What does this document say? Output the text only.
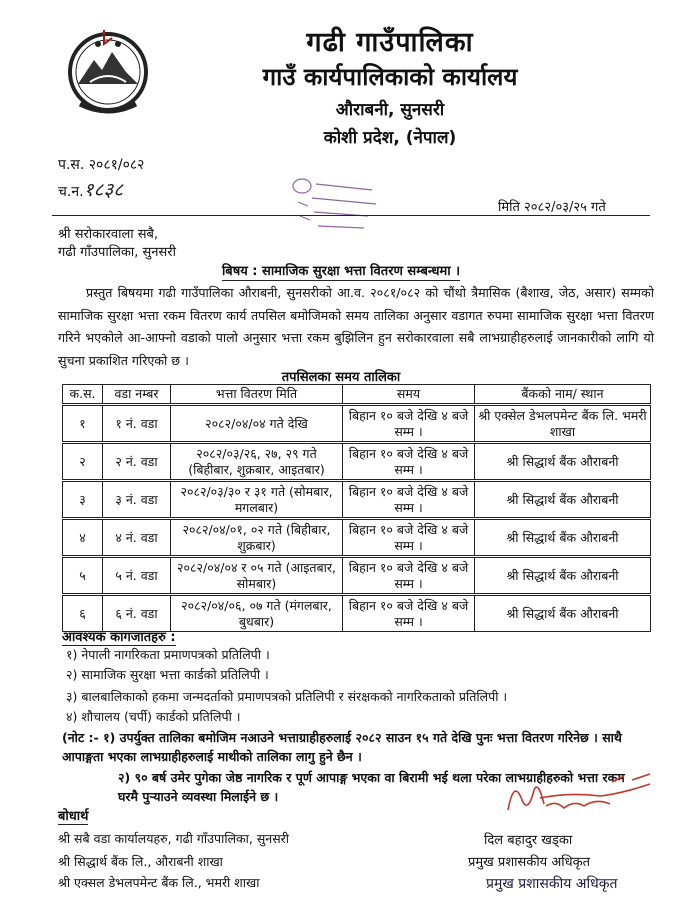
गढी गाउँपालिका
गाउँ कार्यपालिकाको कार्यालय
औराबनी, सुनसरी
कोशी प्रदेश, (नेपाल)
प.स. २०८१/०८२
च.न.१८३८
मिति २०८२/०३/२५ गते
श्री सरोकारवाला सबै,
गढी गाँउपालिका, सुनसरी
बिषय : सामाजिक सुरक्षा भत्ता वितरण सम्बन्धमा ।
प्रस्तुत बिषयमा गढी गाउँपालिका औराबनी, सुनसरीको आ.व. २०८१/०८२ को चौंथो त्रैमासिक (बैशाख, जेठ, असार) सम्मको सामाजिक सुरक्षा भत्ता रकम वितरण कार्य तपसिल बमोजिमको समय तालिका अनुसार वडागत रुपमा सामाजिक सुरक्षा भत्ता वितरण गरिने भएकोले आ-आफ्नो वडाको पालो अनुसार भत्ता रकम बुझिलिन हुन सरोकारवाला सबै लाभग्राहीहरुलाई जानकारीको लागि यो सुचना प्रकाशित गरिएको छ ।
तपसिलका समय तालिका
क.स.	वडा नम्बर	भत्ता वितरण मिति	समय	बैंकको नाम/ स्थान
१	१ नं. वडा	२०८२/०४/०४ गते देखि	बिहान १० बजे देखि ४ बजे सम्म ।	श्री एक्सेल डेभलपमेन्ट बैंक लि. भमरी शाखा
२	२ नं. वडा	२०८२/०३/२६, २७, २९ गते (बिहीबार, शुक्रबार, आइतबार)	बिहान १० बजे देखि ४ बजे सम्म ।	श्री सिद्धार्थ बैंक औराबनी
३	३ नं. वडा	२०८२/०३/३० र ३१ गते (सोमबार, मगलबार)	बिहान १० बजे देखि ४ बजे सम्म ।	श्री सिद्धार्थ बैंक औराबनी
४	४ नं. वडा	२०८२/०४/०१, ०२ गते (बिहीबार, शुक्रबार)	बिहान १० बजे देखि ४ बजे सम्म ।	श्री सिद्धार्थ बैंक औराबनी
५	५ नं. वडा	२०८२/०४/०४ र ०५ गते (आइतबार, सोमबार)	बिहान १० बजे देखि ४ बजे सम्म ।	श्री सिद्धार्थ बैंक औराबनी
६	६ नं. वडा	२०८२/०४/०६, ०७ गते (मंगलबार, बुधबार)	बिहान १० बजे देखि ४ बजे सम्म ।	श्री सिद्धार्थ बैंक औराबनी
आवश्यक कागजातहरु :
१) नेपाली नागरिकता प्रमाणपत्रको प्रतिलिपी ।
२) सामाजिक सुरक्षा भत्ता कार्डको प्रतिलिपी ।
३) बालबालिकाको हकमा जन्मदर्ताको प्रमाणपत्रको प्रतिलिपी र संरक्षकको नागरिकताको प्रतिलिपी ।
४) शौचालय (चर्पी) कार्डको प्रतिलिपी ।
(नोट :- १) उपर्युक्त तालिका बमोजिम नआउने भत्ताग्राहीहरुलाई २०८२ साउन १५ गते देखि पुनः भत्ता वितरण गरिनेछ । साथै आपाङ्गता भएका लाभग्राहीहरुलाई माथीको तालिका लागु हुने छैन ।
२) ९० बर्ष उमेर पुगेका जेष्ठ नागरिक र पूर्ण आपाङ्ग भएका वा बिरामी भई थला परेका लाभग्राहीहरुको भत्ता रकम घरमै पुऱ्याउने व्यवस्था मिलाईने छ ।
बोधार्थ
श्री सबै वडा कार्यालयहरु, गढी गाँउपालिका, सुनसरी
श्री सिद्धार्थ बैंक लि., औराबनी शाखा
श्री एक्सल डेभलपमेन्ट बैंक लि., भमरी शाखा
दिल बहादुर खड्का
प्रमुख प्रशासकीय अधिकृत
प्रमुख प्रशासकीय अधिकृत
